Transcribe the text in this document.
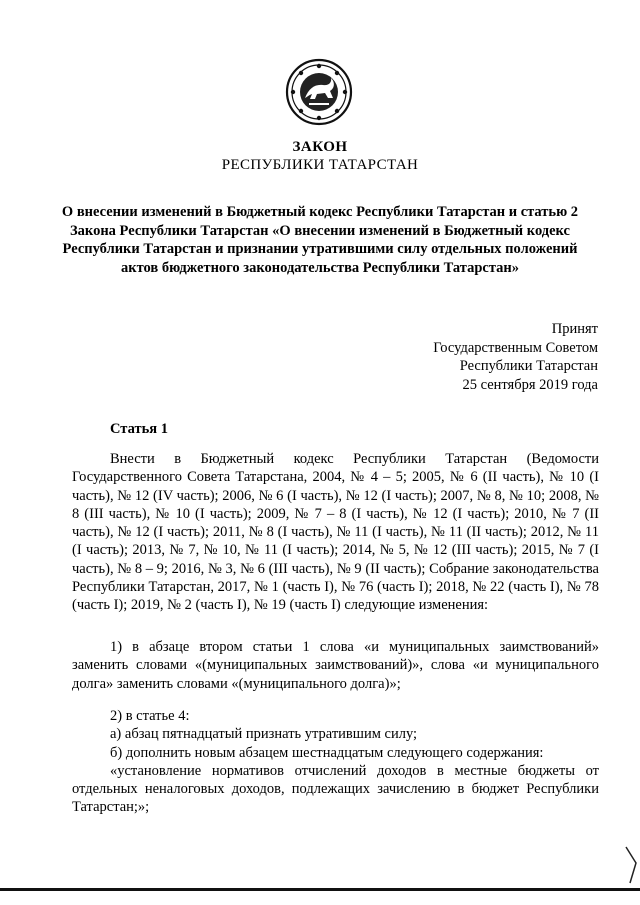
ЗАКОН
РЕСПУБЛИКИ ТАТАРСТАН
О внесении изменений в Бюджетный кодекс Республики Татарстан и статью 2 Закона Республики Татарстан «О внесении изменений в Бюджетный кодекс Республики Татарстан и признании утратившими силу отдельных положений актов бюджетного законодательства Республики Татарстан»
Принят
Государственным Советом
Республики Татарстан
25 сентября 2019 года
Статья 1

Внести в Бюджетный кодекс Республики Татарстан (Ведомости Государственного Совета Татарстана, 2004, № 4 – 5; 2005, № 6 (II часть), № 10 (I часть), № 12 (IV часть); 2006, № 6 (I часть), № 12 (I часть); 2007, № 8, № 10; 2008, № 8 (III часть), № 10 (I часть); 2009, № 7 – 8 (I часть), № 12 (I часть); 2010, № 7 (II часть), № 12 (I часть); 2011, № 8 (I часть), № 11 (I часть), № 11 (II часть); 2012, № 11 (I часть); 2013, № 7, № 10, № 11 (I часть); 2014, № 5, № 12 (III часть); 2015, № 7 (I часть), № 8 – 9; 2016, № 3, № 6 (III часть), № 9 (II часть); Собрание законодательства Республики Татарстан, 2017, № 1 (часть I), № 76 (часть I); 2018, № 22 (часть I), № 78 (часть I); 2019, № 2 (часть I), № 19 (часть I) следующие изменения:

1) в абзаце втором статьи 1 слова «и муниципальных заимствований» заменить словами «(муниципальных заимствований)», слова «и муниципального долга» заменить словами «(муниципального долга)»;

2) в статье 4:

а) абзац пятнадцатый признать утратившим силу;

б) дополнить новым абзацем шестнадцатым следующего содержания:

«установление нормативов отчислений доходов в местные бюджеты от отдельных неналоговых доходов, подлежащих зачислению в бюджет Республики Татарстан;»;
